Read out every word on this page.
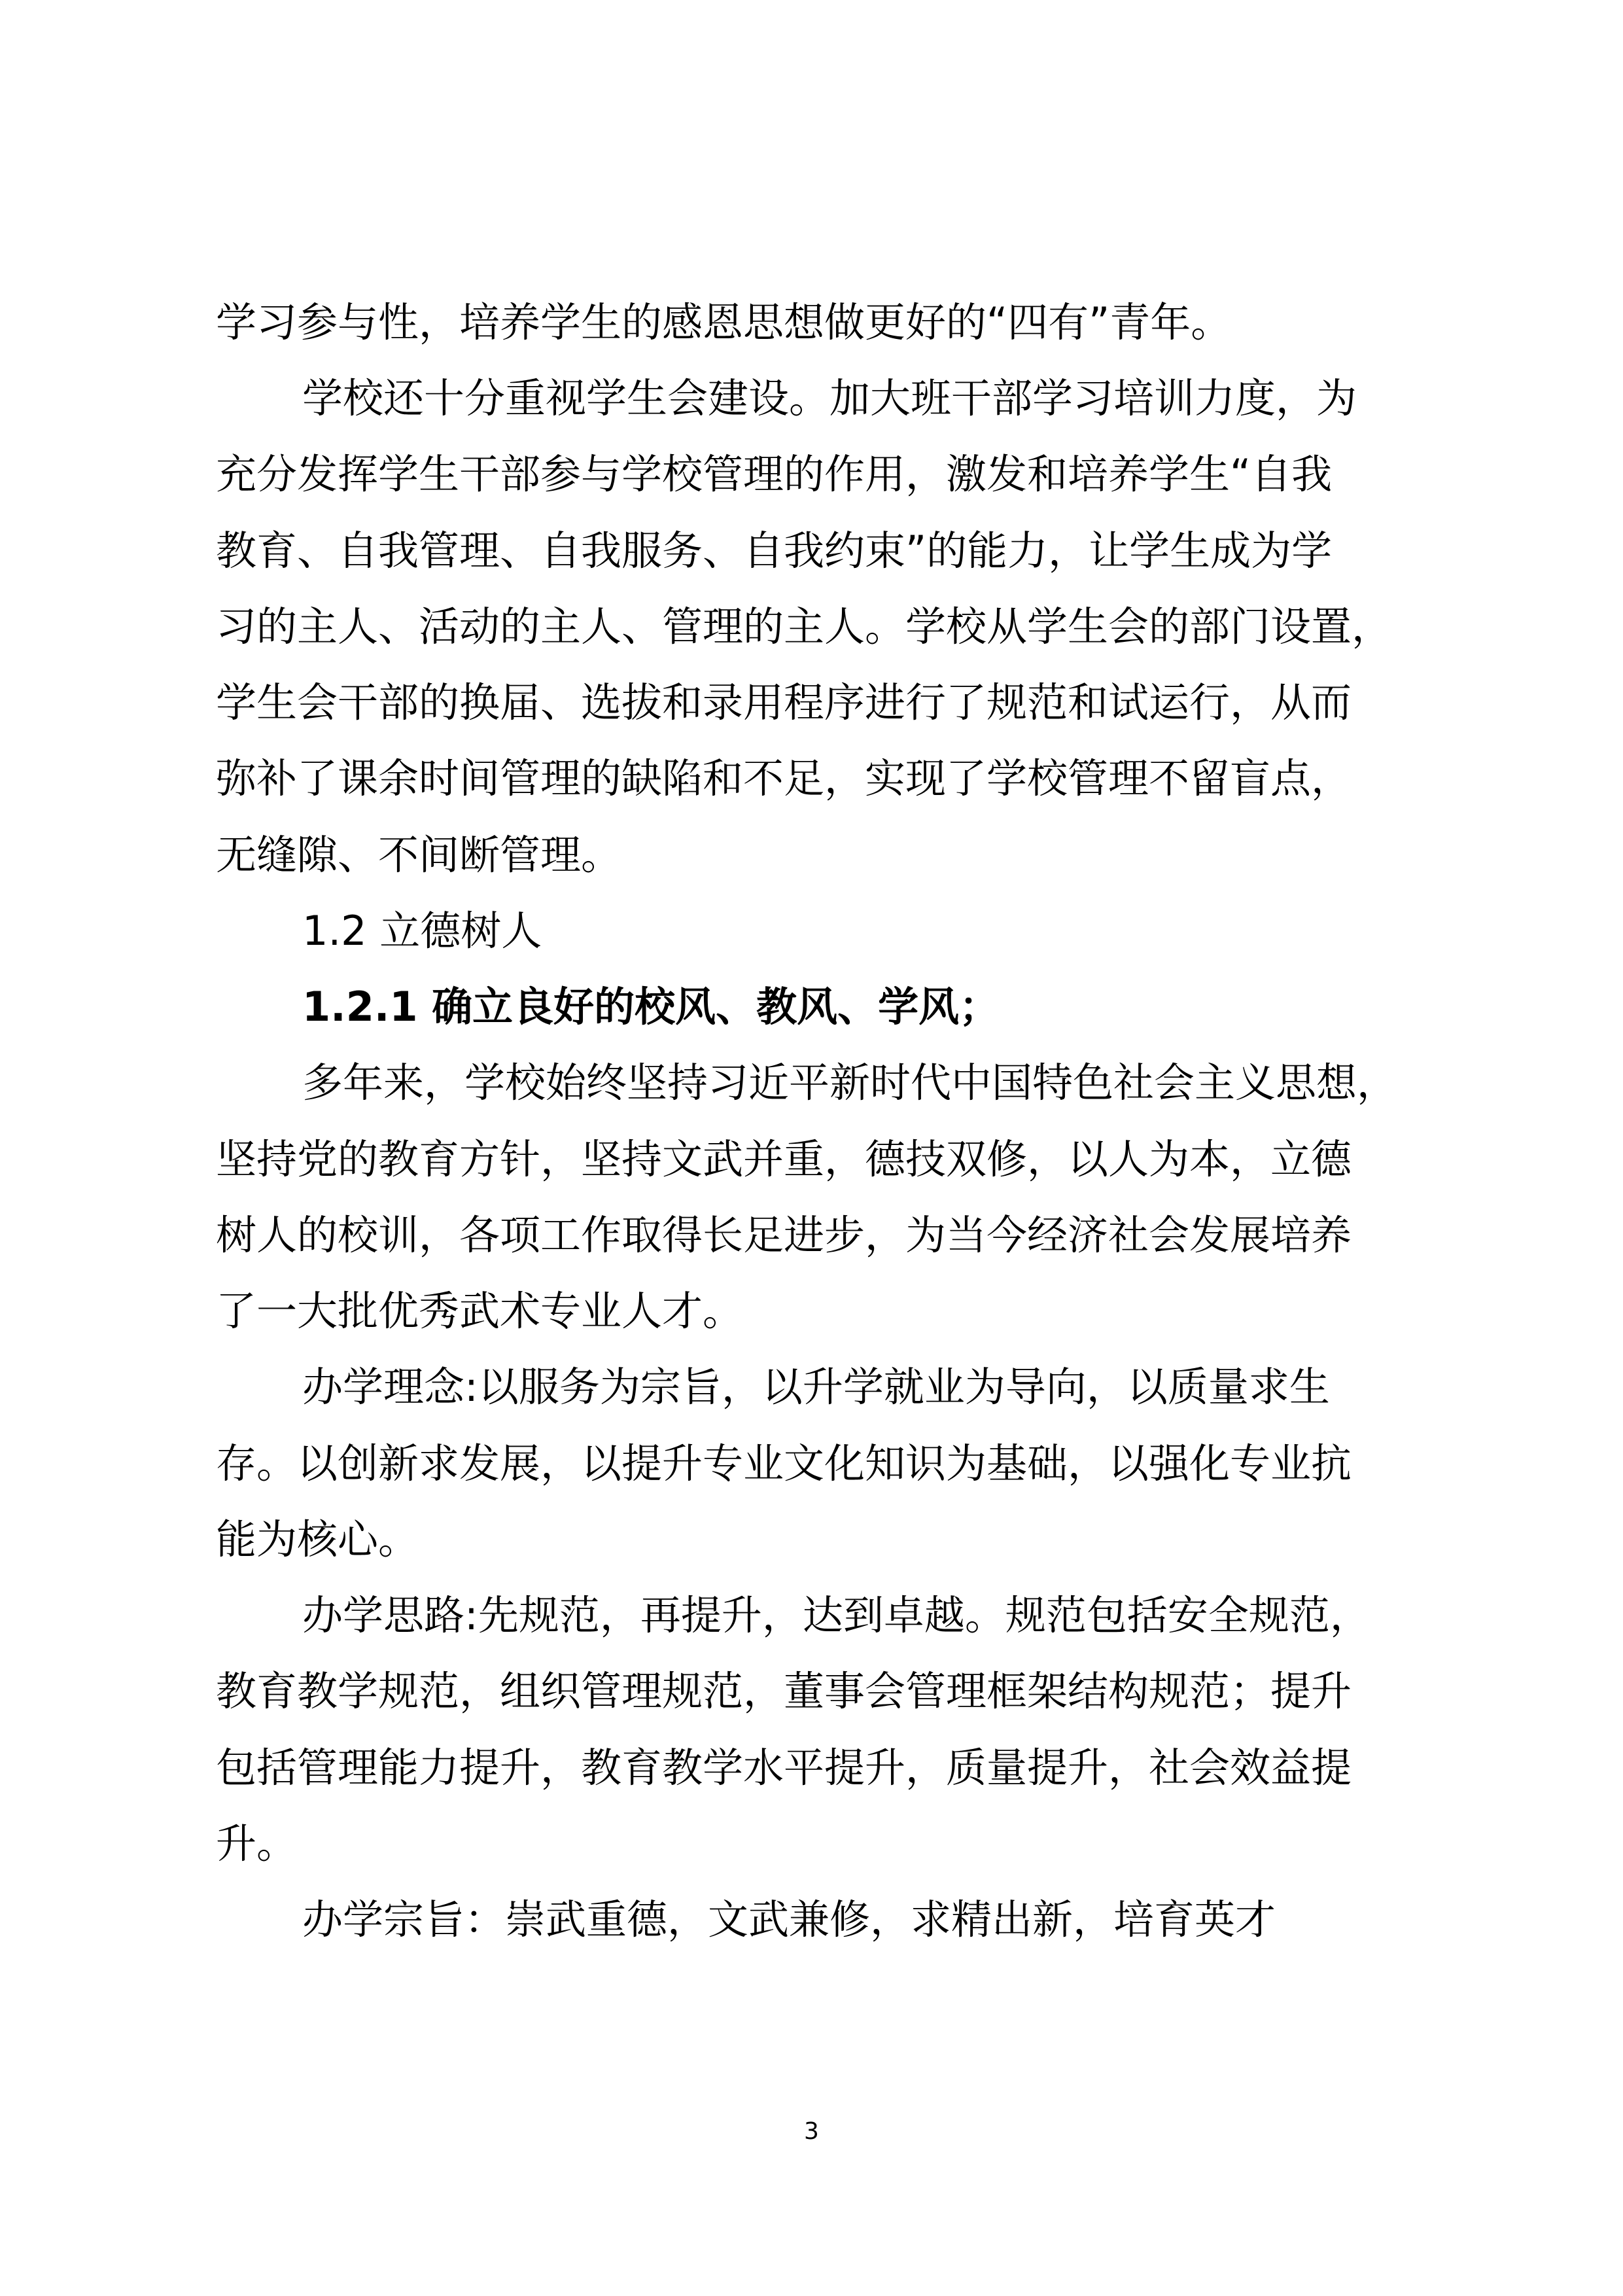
学习参与性，培养学生的感恩思想做更好的“四有”青年。

学校还十分重视学生会建设。加大班干部学习培训力度，为

充分发挥学生干部参与学校管理的作用，激发和培养学生“自我

教育、自我管理、自我服务、自我约束”的能力，让学生成为学

习的主人、活动的主人、管理的主人。学校从学生会的部门设置，

学生会干部的换届、选拔和录用程序进行了规范和试运行，从而

弥补了课余时间管理的缺陷和不足，实现了学校管理不留盲点，

无缝隙、不间断管理。

1.2 立德树人

1.2.1 确立良好的校风、教风、学风；

多年来，学校始终坚持习近平新时代中国特色社会主义思想，

坚持党的教育方针，坚持文武并重，德技双修，以人为本，立德

树人的校训，各项工作取得长足进步，为当今经济社会发展培养

了一大批优秀武术专业人才。

办学理念:以服务为宗旨，以升学就业为导向，以质量求生

存。以创新求发展，以提升专业文化知识为基础，以强化专业抗

能为核心。

办学思路:先规范，再提升，达到卓越。规范包括安全规范，

教育教学规范，组织管理规范，董事会管理框架结构规范；提升

包括管理能力提升，教育教学水平提升，质量提升，社会效益提

升。

办学宗旨：崇武重德，文武兼修，求精出新，培育英才

3
